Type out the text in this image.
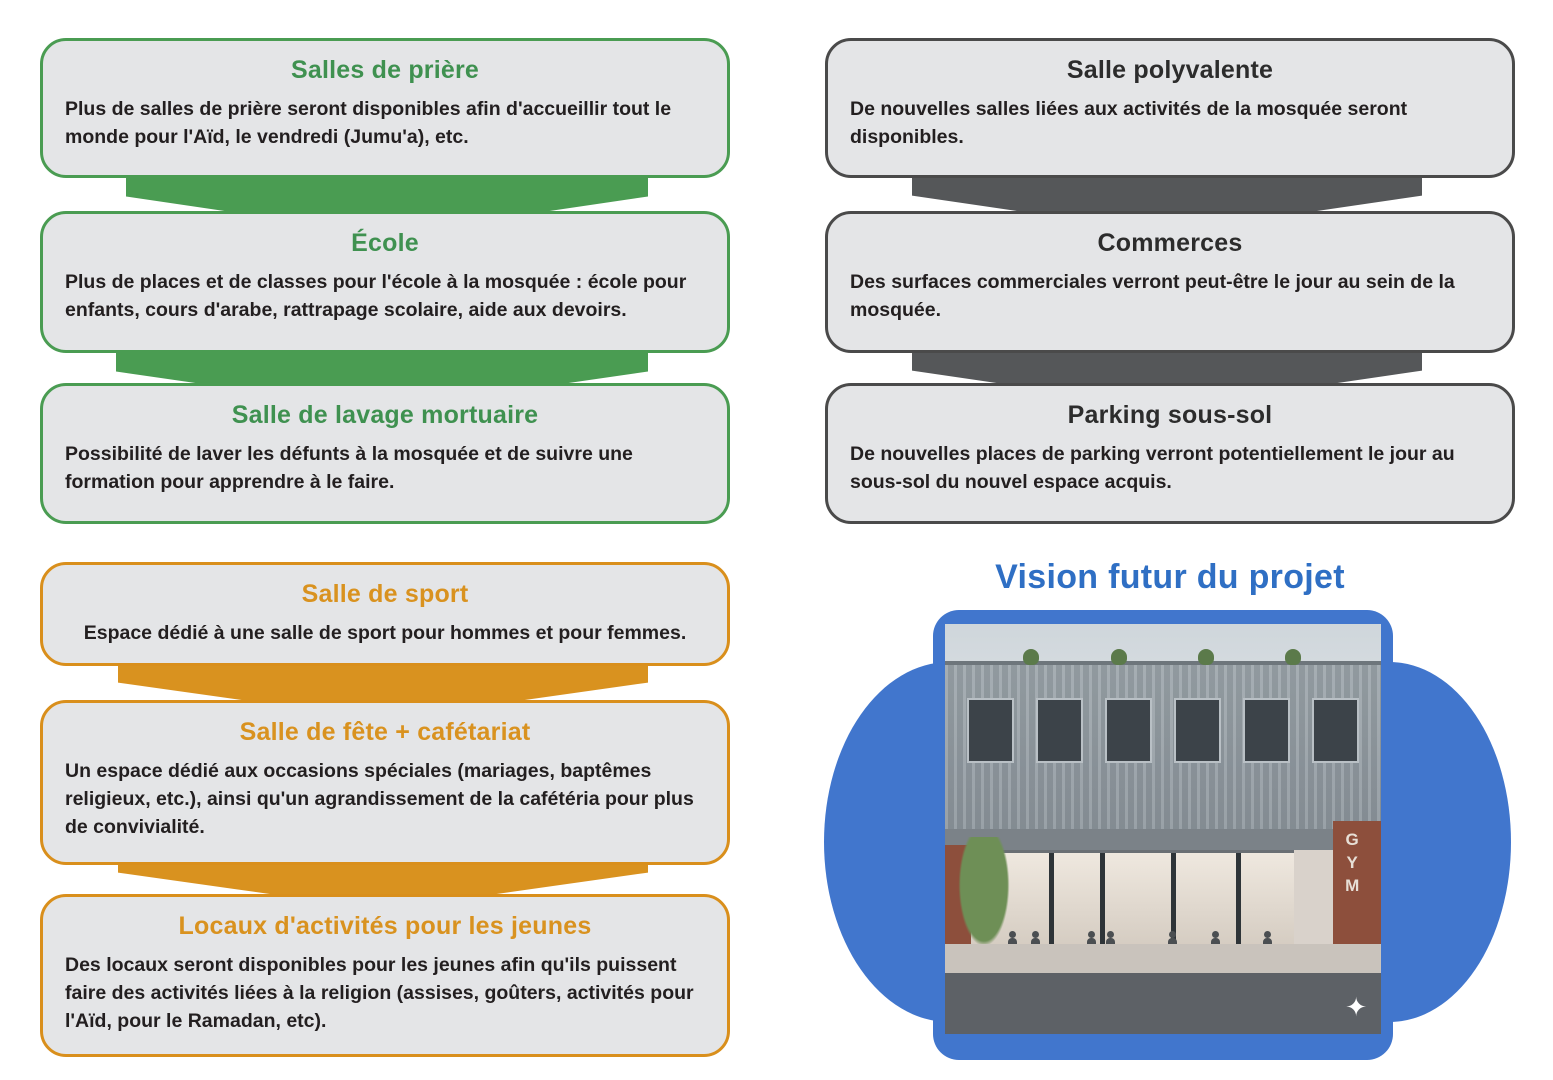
Salles de prière
Plus de salles de prière seront disponibles afin d'accueillir tout le monde pour l'Aïd, le vendredi (Jumu'a), etc.
École
Plus de places et de classes pour l'école à la mosquée : école pour enfants, cours d'arabe, rattrapage scolaire, aide aux devoirs.
Salle de lavage mortuaire
Possibilité de laver les défunts à la mosquée et de suivre une formation pour apprendre à le faire.
Salle de sport
Espace dédié à une salle de sport pour hommes et pour femmes.
Salle de fête + cafétariat
Un espace dédié aux occasions spéciales (mariages, baptêmes religieux, etc.), ainsi qu'un agrandissement de la cafétéria pour plus de convivialité.
Locaux d'activités pour les jeunes
Des locaux seront disponibles pour les jeunes afin qu'ils puissent faire des activités liées à la religion (assises, goûters, activités pour l'Aïd, pour le Ramadan, etc).
Salle polyvalente
De nouvelles salles liées aux activités de la mosquée seront disponibles.
Commerces
Des surfaces commerciales verront peut-être le jour au sein de la mosquée.
Parking sous-sol
De nouvelles places de parking verront potentiellement le jour au sous-sol du nouvel espace acquis.
Vision futur du projet
G
Y
M
✦
